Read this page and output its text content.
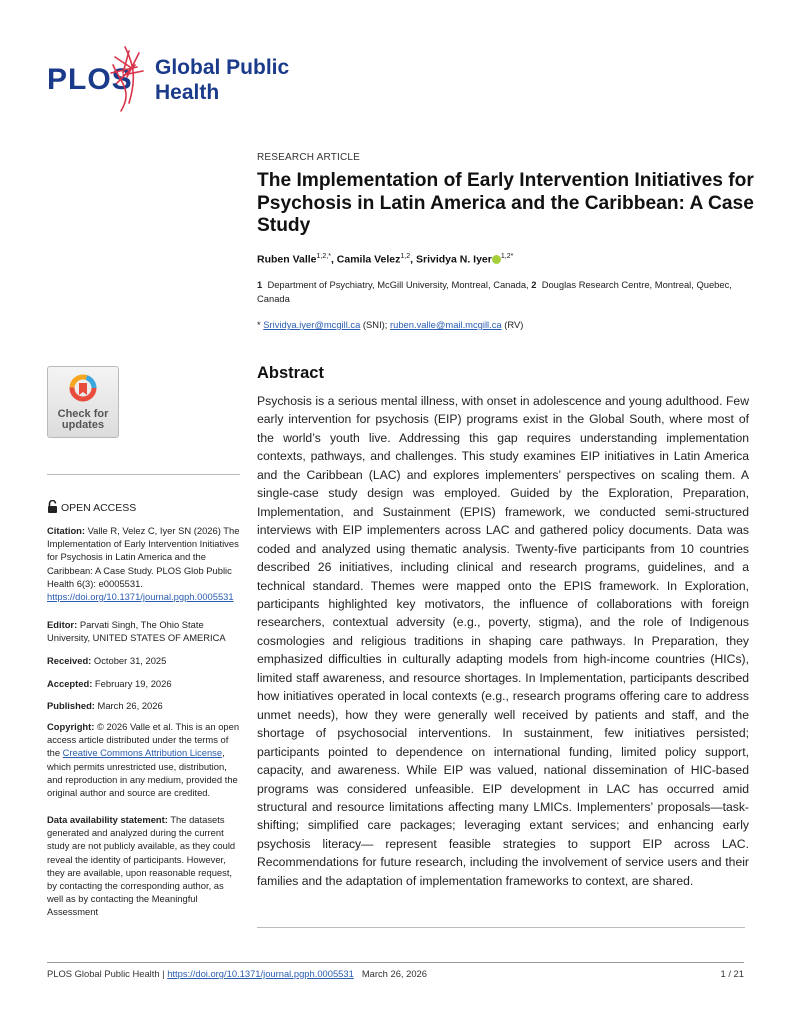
PLOS Global Public
Health
Check for
updates
OPEN ACCESS
Citation: Valle R, Velez C, Iyer SN (2026) The Implementation of Early Intervention Initiatives for Psychosis in Latin America and the Caribbean: A Case Study. PLOS Glob Public Health 6(3): e0005531. https://doi.org/10.1371/journal.pgph.0005531
Editor: Parvati Singh, The Ohio State University, UNITED STATES OF AMERICA
Received: October 31, 2025
Accepted: February 19, 2026
Published: March 26, 2026
Copyright: © 2026 Valle et al. This is an open access article distributed under the terms of the Creative Commons Attribution License, which permits unrestricted use, distribution, and reproduction in any medium, provided the original author and source are credited.
Data availability statement: The datasets generated and analyzed during the current study are not publicly available, as they could reveal the identity of participants. However, they are available, upon reasonable request, by contacting the corresponding author, as well as by contacting the Meaningful Assessment
RESEARCH ARTICLE
The Implementation of Early Intervention Initiatives for Psychosis in Latin America and the Caribbean: A Case Study
Ruben Valle$^{1,2,*}$, Camila Velez$^{1,2}$, Srividya N. Iyer $^{1,2*}$
1 Department of Psychiatry, McGill University, Montreal, Canada, 2 Douglas Research Centre, Montreal, Quebec, Canada
* Srividya.iyer@mcgill.ca (SNI); ruben.valle@mail.mcgill.ca (RV)
Abstract

Psychosis is a serious mental illness, with onset in adolescence and young adulthood. Few early intervention for psychosis (EIP) programs exist in the Global South, where most of the world’s youth live. Addressing this gap requires understanding implementation contexts, pathways, and challenges. This study examines EIP initiatives in Latin America and the Caribbean (LAC) and explores implementers’ perspectives on scaling them. A single-case study design was employed. Guided by the Exploration, Preparation, Implementation, and Sustainment (EPIS) framework, we conducted semi-structured interviews with EIP implementers across LAC and gathered policy documents. Data was coded and analyzed using thematic analysis. Twenty-five participants from 10 countries described 26 initiatives, including clinical and research programs, guidelines, and a technical standard. Themes were mapped onto the EPIS framework. In Exploration, participants highlighted key motivators, the influence of collaborations with foreign researchers, contextual adversity (e.g., poverty, stigma), and the role of Indigenous cosmologies and religious traditions in shaping care pathways. In Preparation, they emphasized difficulties in culturally adapting models from high-income countries (HICs), limited staff awareness, and resource shortages. In Implementation, participants described how initiatives operated in local contexts (e.g., research programs offering care to address unmet needs), how they were generally well received by patients and staff, and the shortage of psychosocial interventions. In sustainment, few initiatives persisted; participants pointed to dependence on international funding, limited policy support, capacity, and awareness. While EIP was valued, national dissemination of HIC-based programs was considered unfeasible. EIP development in LAC has occurred amid structural and resource limitations affecting many LMICs. Implementers’ proposals—task-shifting; simplified care packages; leveraging extant services; and enhancing early psychosis literacy— represent feasible strategies to support EIP across LAC. Recommendations for future research, including the involvement of service users and their families and the adaptation of implementation frameworks to context, are shared.

PLOS Global Public Health | https://doi.org/10.1371/journal.pgph.0005531 March 26, 2026	1 / 21
